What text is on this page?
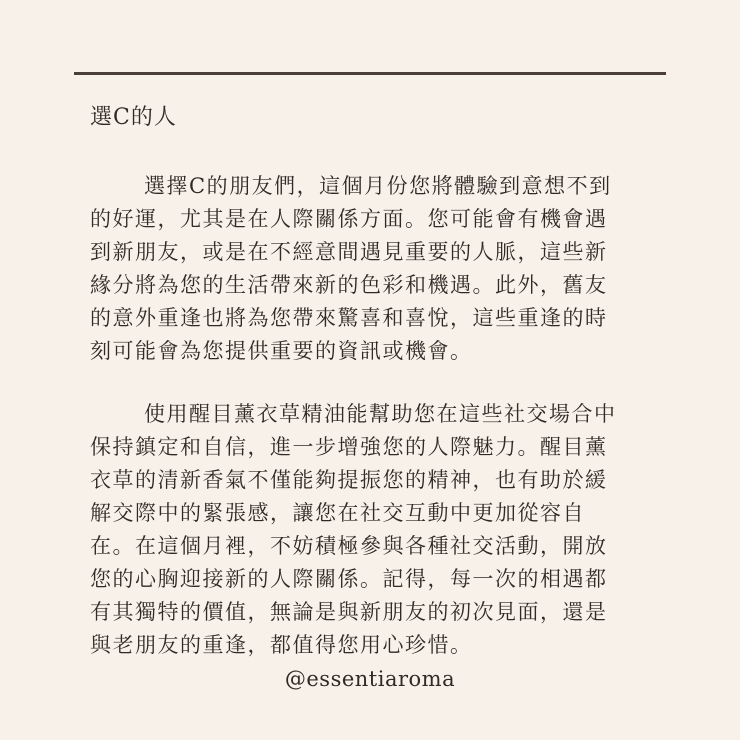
選C的人
選擇C的朋友們，這個月份您將體驗到意想不到
的好運，尤其是在人際關係方面。您可能會有機會遇
到新朋友，或是在不經意間遇見重要的人脈，這些新
緣分將為您的生活帶來新的色彩和機遇。此外，舊友
的意外重逢也將為您帶來驚喜和喜悅，這些重逢的時
刻可能會為您提供重要的資訊或機會。
使用醒目薰衣草精油能幫助您在這些社交場合中
保持鎮定和自信，進一步增強您的人際魅力。醒目薰
衣草的清新香氣不僅能夠提振您的精神，也有助於緩
解交際中的緊張感，讓您在社交互動中更加從容自
在。在這個月裡，不妨積極參與各種社交活動，開放
您的心胸迎接新的人際關係。記得，每一次的相遇都
有其獨特的價值，無論是與新朋友的初次見面，還是
與老朋友的重逢，都值得您用心珍惜。
@essentiaroma
